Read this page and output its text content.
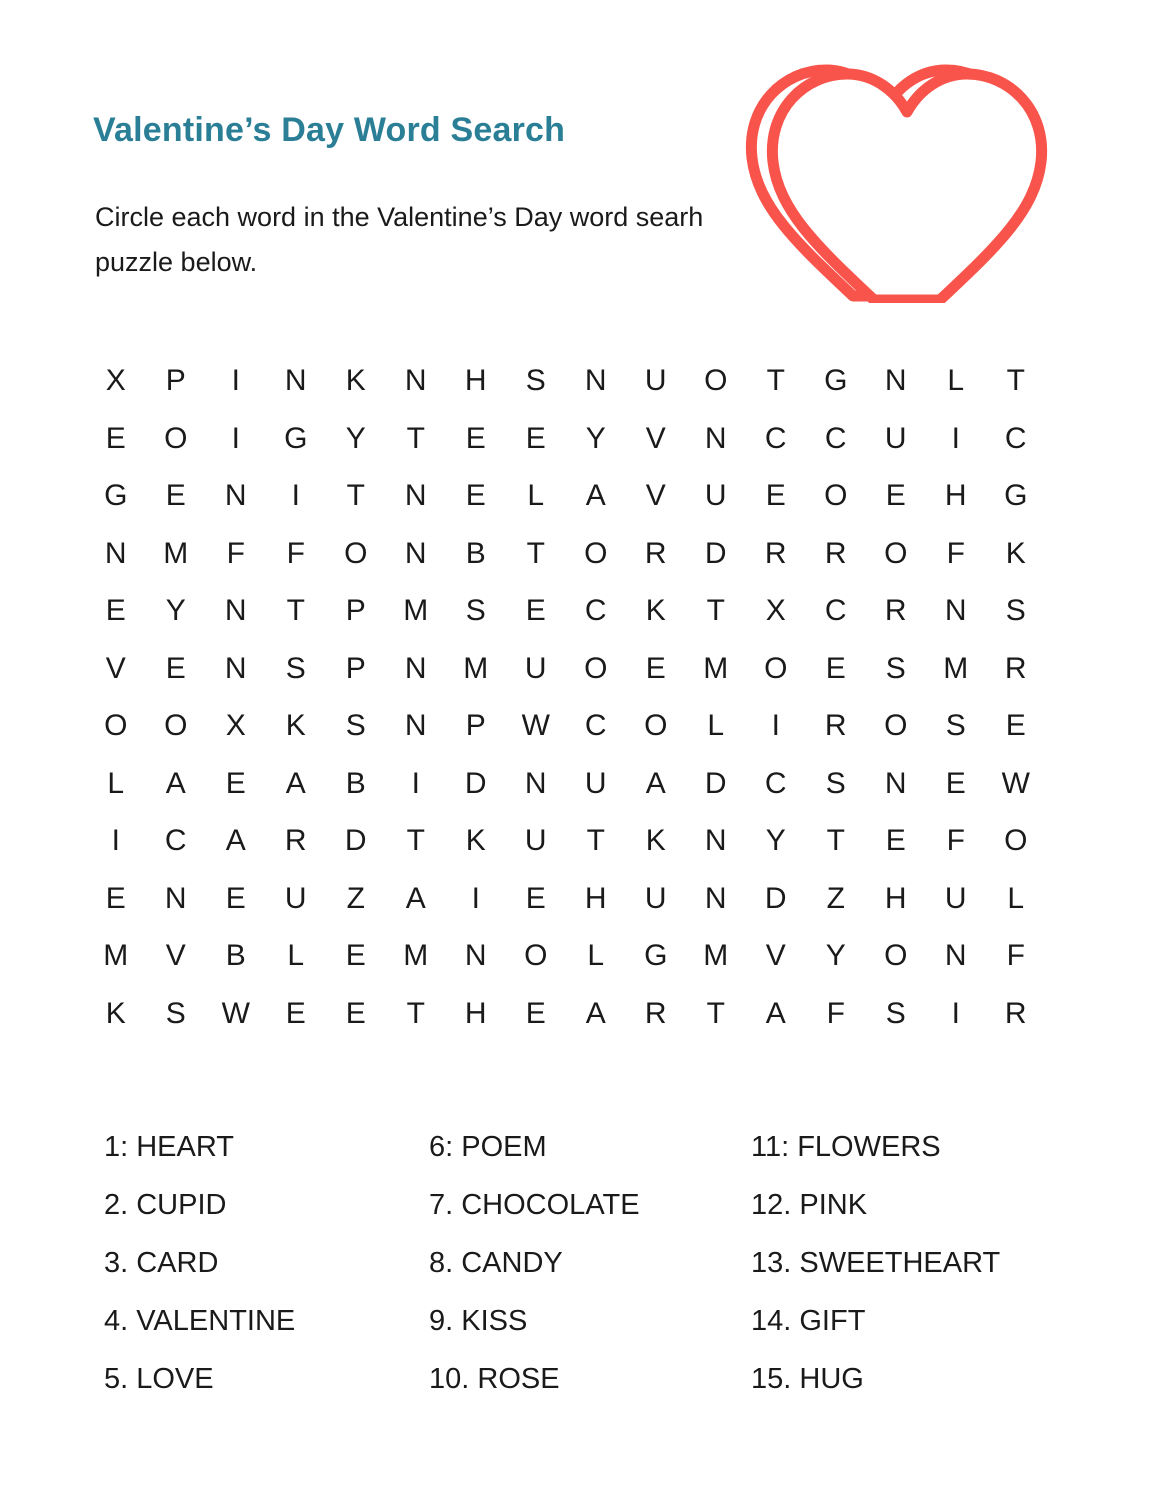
Valentine’s Day Word Search

Circle each word in the Valentine’s Day word searh puzzle below.

X	P	I	N	K	N	H	S	N	U	O	T	G	N	L	T
E	O	I	G	Y	T	E	E	Y	V	N	C	C	U	I	C
G	E	N	I	T	N	E	L	A	V	U	E	O	E	H	G
N	M	F	F	O	N	B	T	O	R	D	R	R	O	F	K
E	Y	N	T	P	M	S	E	C	K	T	X	C	R	N	S
V	E	N	S	P	N	M	U	O	E	M	O	E	S	M	R
O	O	X	K	S	N	P	W	C	O	L	I	R	O	S	E
L	A	E	A	B	I	D	N	U	A	D	C	S	N	E	W
I	C	A	R	D	T	K	U	T	K	N	Y	T	E	F	O
E	N	E	U	Z	A	I	E	H	U	N	D	Z	H	U	L
M	V	B	L	E	M	N	O	L	G	M	V	Y	O	N	F
K	S	W	E	E	T	H	E	A	R	T	A	F	S	I	R
1: HEART
2. CUPID
3. CARD
4. VALENTINE
5. LOVE
6: POEM
7. CHOCOLATE
8. CANDY
9. KISS
10. ROSE
11: FLOWERS
12. PINK
13. SWEETHEART
14. GIFT
15. HUG
